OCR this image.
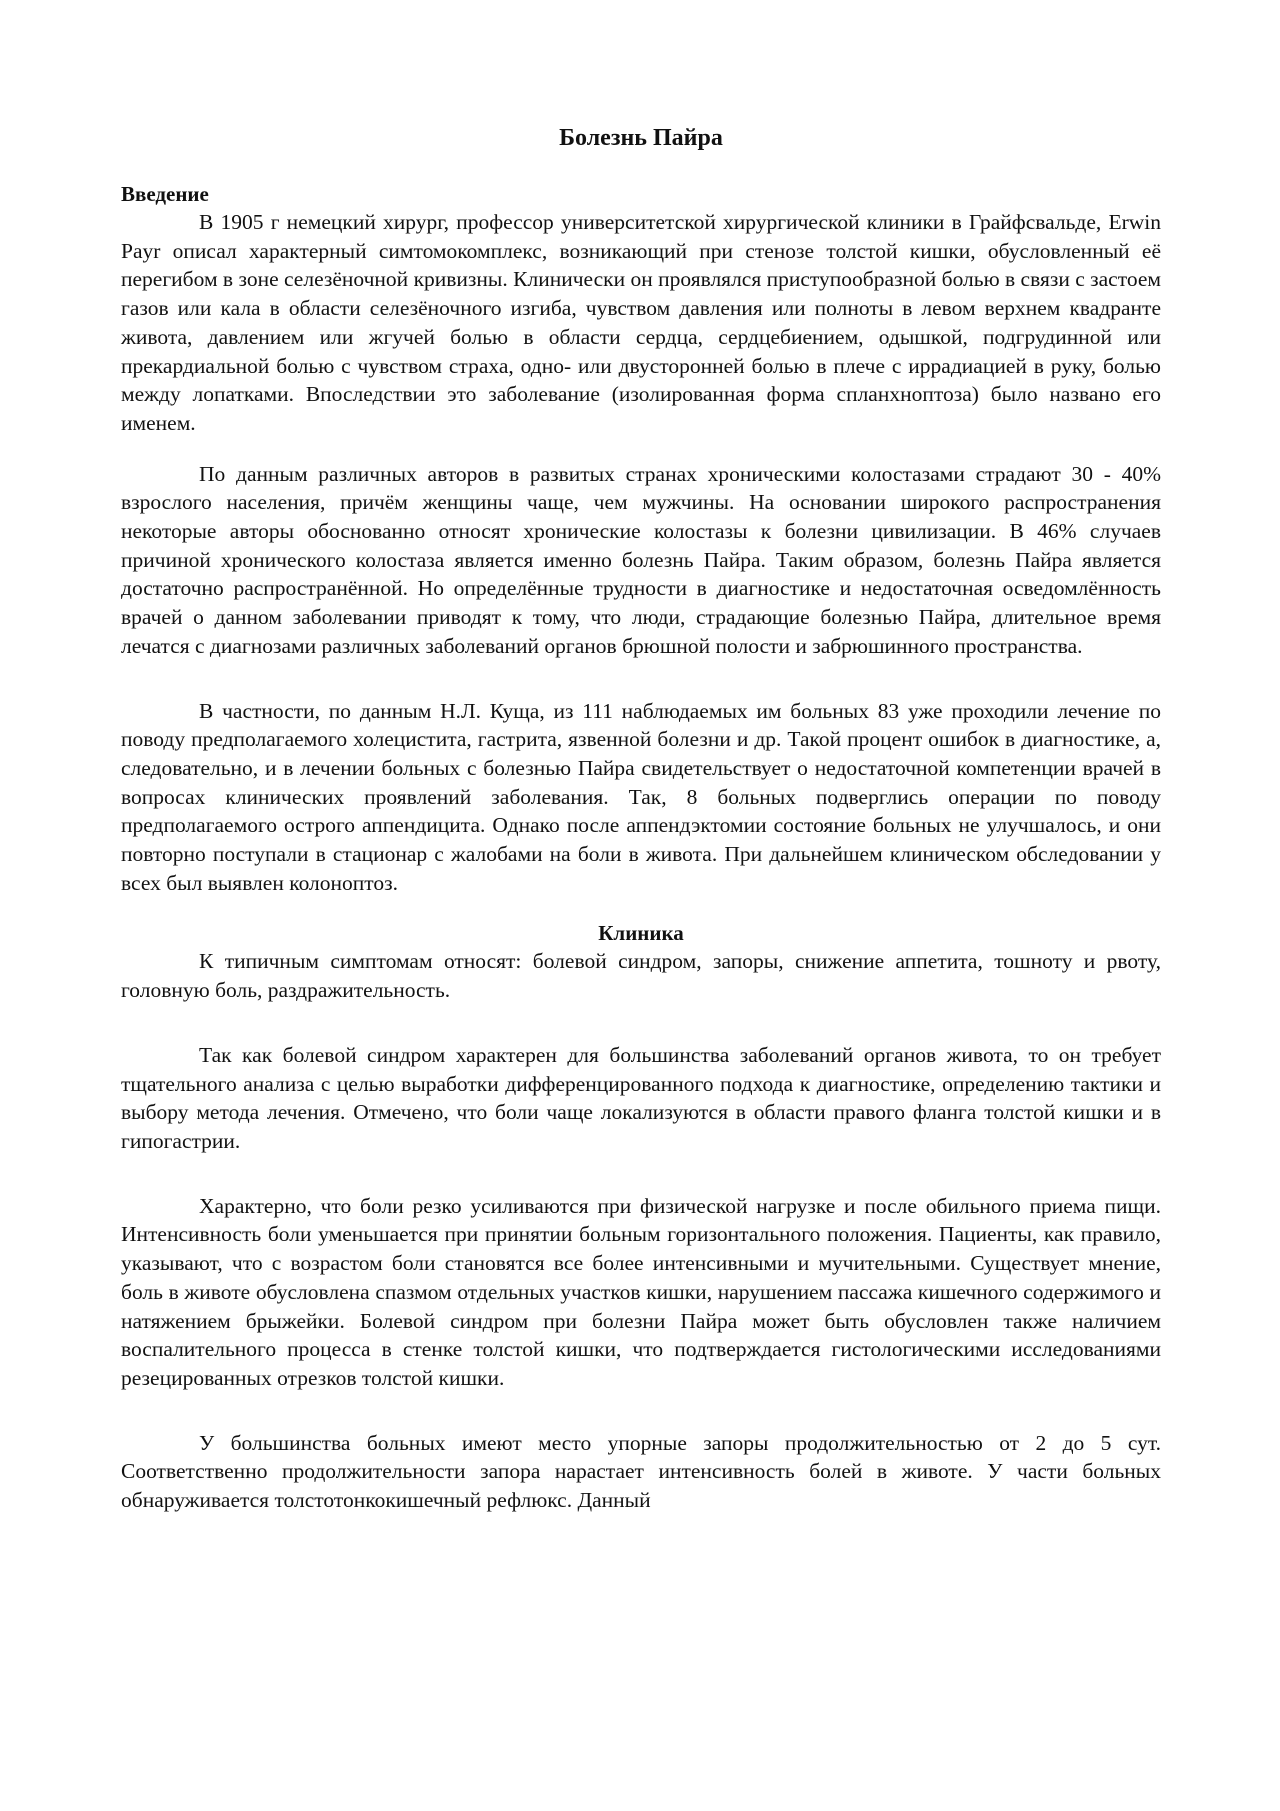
Болезнь Пайра
Введение

В 1905 г немецкий хирург, профессор университетской хирургической клиники в Грайфсвальде, Erwin Payr описал характерный симтомокомплекс, возникающий при стенозе толстой кишки, обусловленный её перегибом в зоне селезёночной кривизны. Клинически он проявлялся приступообразной болью в связи с застоем газов или кала в области селезёночного изгиба, чувством давления или полноты в левом верхнем квадранте живота, давлением или жгучей болью в области сердца, сердцебиением, одышкой, подгрудинной или прекардиальной болью с чувством страха, одно- или двусторонней болью в плече с иррадиацией в руку, болью между лопатками. Впоследствии это заболевание (изолированная форма спланхноптоза) было названо его именем.

По данным различных авторов в развитых странах хроническими колостазами страдают 30 - 40% взрослого населения, причём женщины чаще, чем мужчины. На основании широкого распространения некоторые авторы обоснованно относят хронические колостазы к болезни цивилизации. В 46% случаев причиной хронического колостаза является именно болезнь Пайра. Таким образом, болезнь Пайра является достаточно распространённой. Но определённые трудности в диагностике и недостаточная осведомлённость врачей о данном заболевании приводят к тому, что люди, страдающие болезнью Пайра, длительное время лечатся с диагнозами различных заболеваний органов брюшной полости и забрюшинного пространства.

В частности, по данным Н.Л. Куща, из 111 наблюдаемых им больных 83 уже проходили лечение по поводу предполагаемого холецистита, гастрита, язвенной болезни и др. Такой процент ошибок в диагностике, а, следовательно, и в лечении больных с болезнью Пайра свидетельствует о недостаточной компетенции врачей в вопросах клинических проявлений заболевания. Так, 8 больных подверглись операции по поводу предполагаемого острого аппендицита. Однако после аппендэктомии состояние больных не улучшалось, и они повторно поступали в стационар с жалобами на боли в живота. При дальнейшем клиническом обследовании у всех был выявлен колоноптоз.

Клиника

К типичным симптомам относят: болевой синдром, запоры, снижение аппетита, тошноту и рвоту, головную боль, раздражительность.

Так как болевой синдром характерен для большинства заболеваний органов живота, то он требует тщательного анализа с целью выработки дифференцированного подхода к диагностике, определению тактики и выбору метода лечения. Отмечено, что боли чаще локализуются в области правого фланга толстой кишки и в гипогастрии.

Характерно, что боли резко усиливаются при физической нагрузке и после обильного приема пищи. Интенсивность боли уменьшается при принятии больным горизонтального положения. Пациенты, как правило, указывают, что с возрастом боли становятся все более интенсивными и мучительными. Существует мнение, боль в животе обусловлена спазмом отдельных участков кишки, нарушением пассажа кишечного содержимого и натяжением брыжейки. Болевой синдром при болезни Пайра может быть обусловлен также наличием воспалительного процесса в стенке толстой кишки, что подтверждается гистологическими исследованиями резецированных отрезков толстой кишки.

У большинства больных имеют место упорные запоры продолжительностью от 2 до 5 сут. Соответственно продолжительности запора нарастает интенсивность болей в животе. У части больных обнаруживается толстотонкокишечный рефлюкс. Данный
